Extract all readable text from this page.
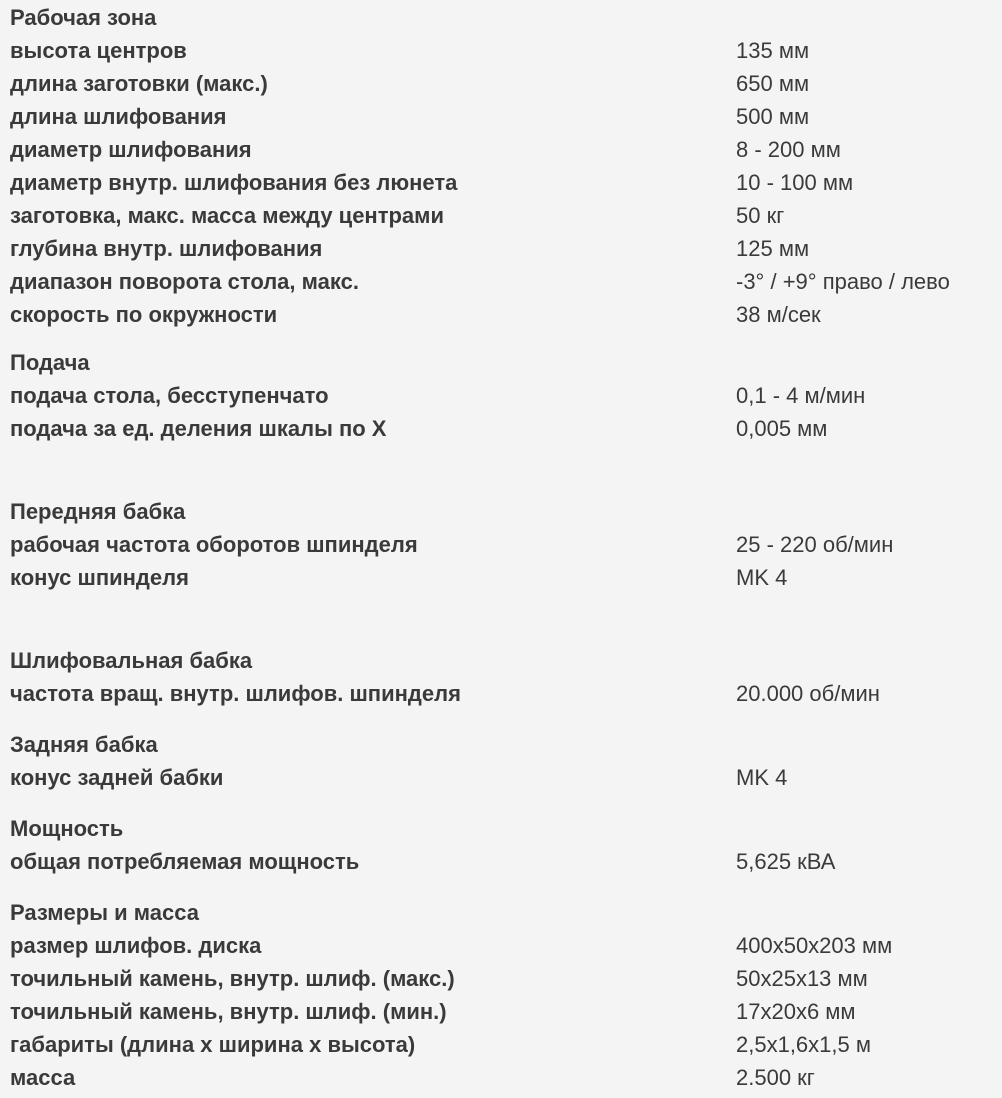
Рабочая зона
высота центров	135 мм
длина заготовки (макс.)	650 мм
длина шлифования	500 мм
диаметр шлифования	8 - 200 мм
диаметр внутр. шлифования без люнета	10 - 100 мм
заготовка, макс. масса между центрами	50 кг
глубина внутр. шлифования	125 мм
диапазон поворота стола, макс.	-3° / +9° право / лево
скорость по окружности	38 м/сек
Подача
подача стола, бесступенчато	0,1 - 4 м/мин
подача за ед. деления шкалы по X	0,005 мм
Передняя бабка
рабочая частота оборотов шпинделя	25 - 220 об/мин
конус шпинделя	MK 4
Шлифовальная бабка
частота вращ. внутр. шлифов. шпинделя	20.000 об/мин
Задняя бабка
конус задней бабки	MK 4
Мощность
общая потребляемая мощность	5,625 кВА
Размеры и масса
размер шлифов. диска	400x50x203 мм
точильный камень, внутр. шлиф. (макс.)	50x25x13 мм
точильный камень, внутр. шлиф. (мин.)	17x20x6 мм
габариты (длина x ширина x высота)	2,5x1,6x1,5 м
масса	2.500 кг
